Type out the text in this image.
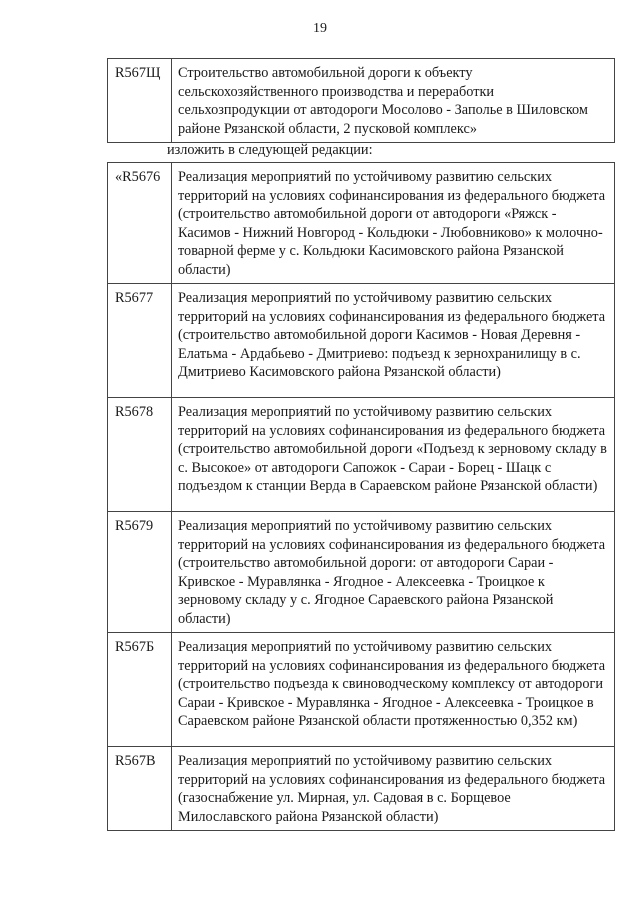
19
R567Щ	Строительство автомобильной дороги к объекту сельскохозяйственного производства и переработки сельхозпродукции от автодороги Мосолово - Заполье в Шиловском районе Рязанской области, 2 пусковой комплекс»
изложить в следующей редакции:
«R5676	Реализация мероприятий по устойчивому развитию сельских территорий на условиях софинансирования из федерального бюджета (строительство автомобильной дороги от автодороги «Ряжск - Касимов - Нижний Новгород - Кольдюки - Любовниково» к молочно-товарной ферме у с. Кольдюки Касимовского района Рязанской области)
R5677	Реализация мероприятий по устойчивому развитию сельских территорий на условиях софинансирования из федерального бюджета (строительство автомобильной дороги Касимов - Новая Деревня - Елатьма - Ардабьево - Дмитриево: подъезд к зернохранилищу в с. Дмитриево Касимовского района Рязанской области)
R5678	Реализация мероприятий по устойчивому развитию сельских территорий на условиях софинансирования из федерального бюджета (строительство автомобильной дороги «Подъезд к зерновому складу в с. Высокое» от автодороги Сапожок - Сараи - Борец - Шацк с подъездом к станции Верда в Сараевском районе Рязанской области)
R5679	Реализация мероприятий по устойчивому развитию сельских территорий на условиях софинансирования из федерального бюджета (строительство автомобильной дороги: от автодороги Сараи - Кривское - Муравлянка - Ягодное - Алексеевка - Троицкое к зерновому складу у с. Ягодное Сараевского района Рязанской области)
R567Б	Реализация мероприятий по устойчивому развитию сельских территорий на условиях софинансирования из федерального бюджета (строительство подъезда к свиноводческому комплексу от автодороги Сараи - Кривское - Муравлянка - Ягодное - Алексеевка - Троицкое в Сараевском районе Рязанской области протяженностью 0,352 км)
R567В	Реализация мероприятий по устойчивому развитию сельских территорий на условиях софинансирования из федерального бюджета (газоснабжение ул. Мирная, ул. Садовая в с. Борщевое Милославского района Рязанской области)
